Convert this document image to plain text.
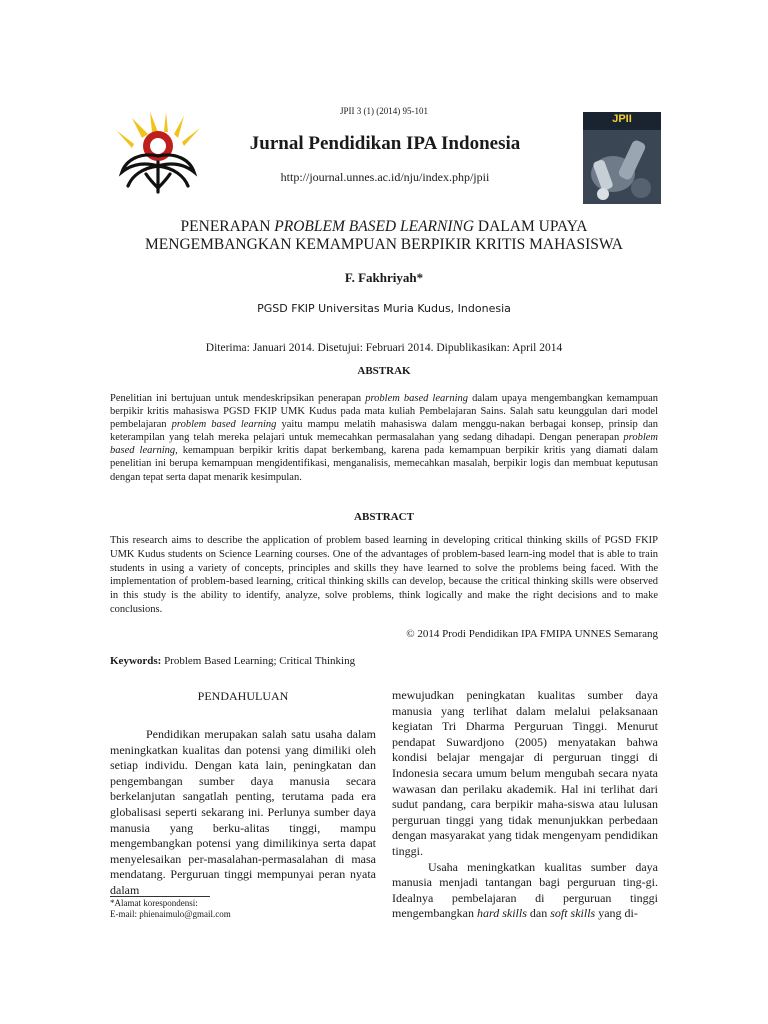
JPII 3 (1) (2014) 95-101
Jurnal Pendidikan IPA Indonesia
http://journal.unnes.ac.id/nju/index.php/jpii
JPII
PENERAPAN PROBLEM BASED LEARNING DALAM UPAYA
MENGEMBANGKAN KEMAMPUAN BERPIKIR KRITIS MAHASISWA
F. Fakhriyah*
PGSD FKIP Universitas Muria Kudus, Indonesia
Diterima: Januari 2014. Disetujui: Februari 2014. Dipublikasikan: April 2014
ABSTRAK
Penelitian ini bertujuan untuk mendeskripsikan penerapan problem based learning dalam upaya mengembangkan kemampuan berpikir kritis mahasiswa PGSD FKIP UMK Kudus pada mata kuliah Pembelajaran Sains. Salah satu keunggulan dari model pembelajaran problem based learning yaitu mampu melatih mahasiswa dalam menggu-nakan berbagai konsep, prinsip dan keterampilan yang telah mereka pelajari untuk memecahkan permasalahan yang sedang dihadapi. Dengan penerapan problem based learning, kemampuan berpikir kritis dapat berkembang, karena pada kemampuan berpikir kritis yang diamati dalam penelitian ini berupa kemampuan mengidentifikasi, menganalisis, memecahkan masalah, berpikir logis dan membuat keputusan dengan tepat serta dapat menarik kesimpulan.
ABSTRACT
This research aims to describe the application of problem based learning in developing critical thinking skills of PGSD FKIP UMK Kudus students on Science Learning courses. One of the advantages of problem-based learn-ing model that is able to train students in using a variety of concepts, principles and skills they have learned to solve the problems being faced. With the implementation of problem-based learning, critical thinking skills can develop, because the critical thinking skills were observed in this study is the ability to identify, analyze, solve problems, think logically and make the right decisions and to make conclusions.
© 2014 Prodi Pendidikan IPA FMIPA UNNES Semarang
Keywords: Problem Based Learning; Critical Thinking
PENDAHULUAN

Pendidikan merupakan salah satu usaha dalam meningkatkan kualitas dan potensi yang dimiliki oleh setiap individu. Dengan kata lain, peningkatan dan pengembangan sumber daya manusia secara berkelanjutan sangatlah penting, terutama pada era globalisasi seperti sekarang ini. Perlunya sumber daya manusia yang berku-alitas tinggi, mampu mengembangkan potensi yang dimilikinya serta dapat menyelesaikan per-masalahan-permasalahan di masa mendatang. Perguruan tinggi mempunyai peran nyata dalam

mewujudkan peningkatan kualitas sumber daya manusia yang terlihat dalam melalui pelaksanaan kegiatan Tri Dharma Perguruan Tinggi. Menurut pendapat Suwardjono (2005) menyatakan bahwa kondisi belajar mengajar di perguruan tinggi di Indonesia secara umum belum mengubah secara nyata wawasan dan perilaku akademik. Hal ini terlihat dari sudut pandang, cara berpikir maha-siswa atau lulusan perguruan tinggi yang tidak menunjukkan perbedaan dengan masyarakat yang tidak mengenyam pendidikan tinggi.

Usaha meningkatkan kualitas sumber daya manusia menjadi tantangan bagi perguruan ting-gi. Idealnya pembelajaran di perguruan tinggi mengembangkan hard skills dan soft skills yang di-

*Alamat korespondensi:
E-mail: phienaimulo@gmail.com
